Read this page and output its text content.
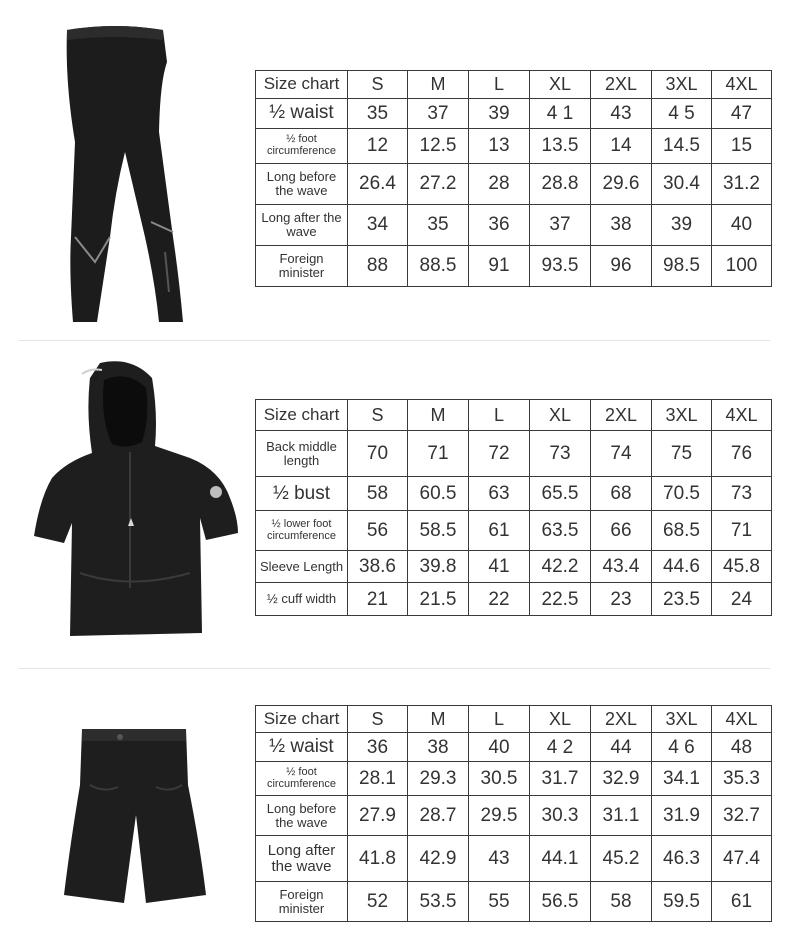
Size chart	S	M	L	XL	2XL	3XL	4XL
½ waist	35	37	39	4 1	43	4 5	47
½ foot circumference	12	12.5	13	13.5	14	14.5	15
Long before the wave	26.4	27.2	28	28.8	29.6	30.4	31.2
Long after the wave	34	35	36	37	38	39	40
Foreign minister	88	88.5	91	93.5	96	98.5	100
Size chart	S	M	L	XL	2XL	3XL	4XL
Back middle length	70	71	72	73	74	75	76
½ bust	58	60.5	63	65.5	68	70.5	73
½ lower foot circumference	56	58.5	61	63.5	66	68.5	71
Sleeve Length	38.6	39.8	41	42.2	43.4	44.6	45.8
½ cuff width	21	21.5	22	22.5	23	23.5	24
Size chart	S	M	L	XL	2XL	3XL	4XL
½ waist	36	38	40	4 2	44	4 6	48
½ foot circumference	28.1	29.3	30.5	31.7	32.9	34.1	35.3
Long before the wave	27.9	28.7	29.5	30.3	31.1	31.9	32.7
Long after the wave	41.8	42.9	43	44.1	45.2	46.3	47.4
Foreign minister	52	53.5	55	56.5	58	59.5	61
